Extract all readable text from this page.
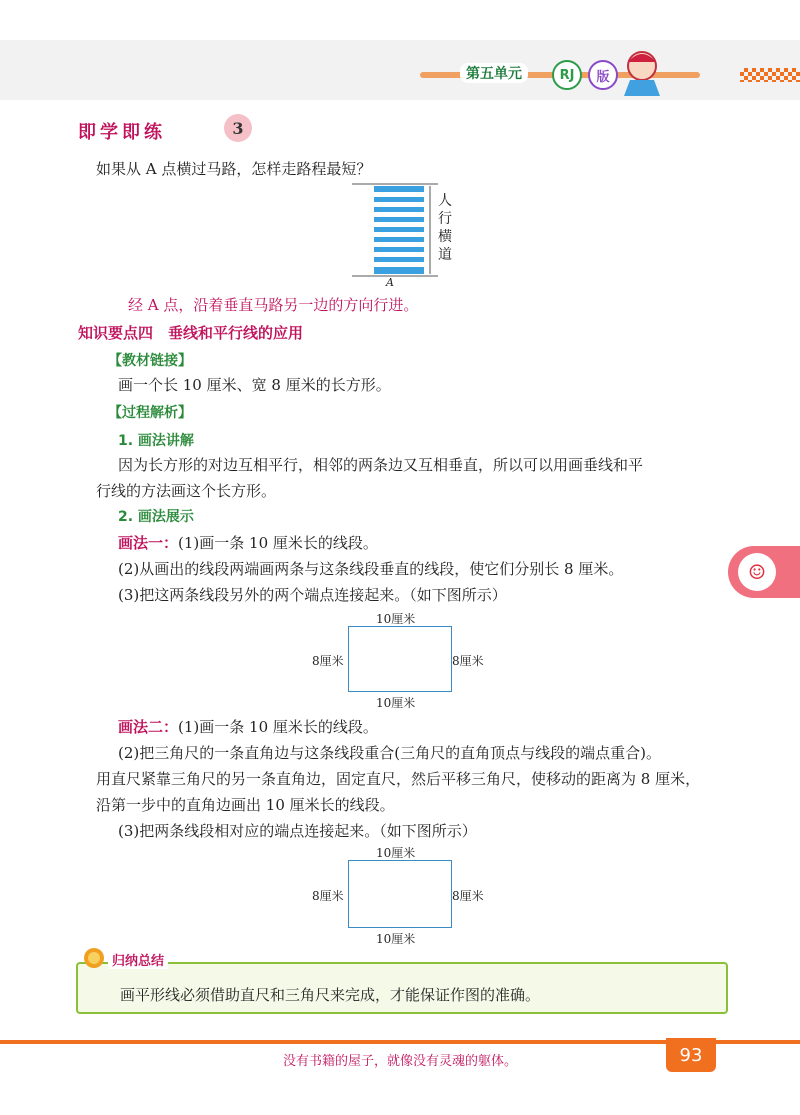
第五单元	RJ	版
即学即练	3
如果从 A 点横过马路，怎样走路程最短？
人行横道
A
经 A 点，沿着垂直马路另一边的方向行进。
知识要点四　垂线和平行线的应用
【教材链接】
画一个长 10 厘米、宽 8 厘米的长方形。
【过程解析】
1. 画法讲解
因为长方形的对边互相平行，相邻的两条边又互相垂直，所以可以用画垂线和平
行线的方法画这个长方形。
2. 画法展示
画法一：(1)画一条 10 厘米长的线段。
(2)从画出的线段两端画两条与这条线段垂直的线段，使它们分别长 8 厘米。
(3)把这两条线段另外的两个端点连接起来。（如下图所示）
10厘米
8厘米	8厘米
10厘米
画法二：(1)画一条 10 厘米长的线段。
(2)把三角尺的一条直角边与这条线段重合(三角尺的直角顶点与线段的端点重合)。
用直尺紧靠三角尺的另一条直角边，固定直尺，然后平移三角尺，使移动的距离为 8 厘米，
沿第一步中的直角边画出 10 厘米长的线段。
(3)把两条线段相对应的端点连接起来。（如下图所示）
10厘米
8厘米	8厘米
10厘米
☺
归纳总结
画平形线必须借助直尺和三角尺来完成，才能保证作图的准确。
没有书籍的屋子，就像没有灵魂的躯体。	93
